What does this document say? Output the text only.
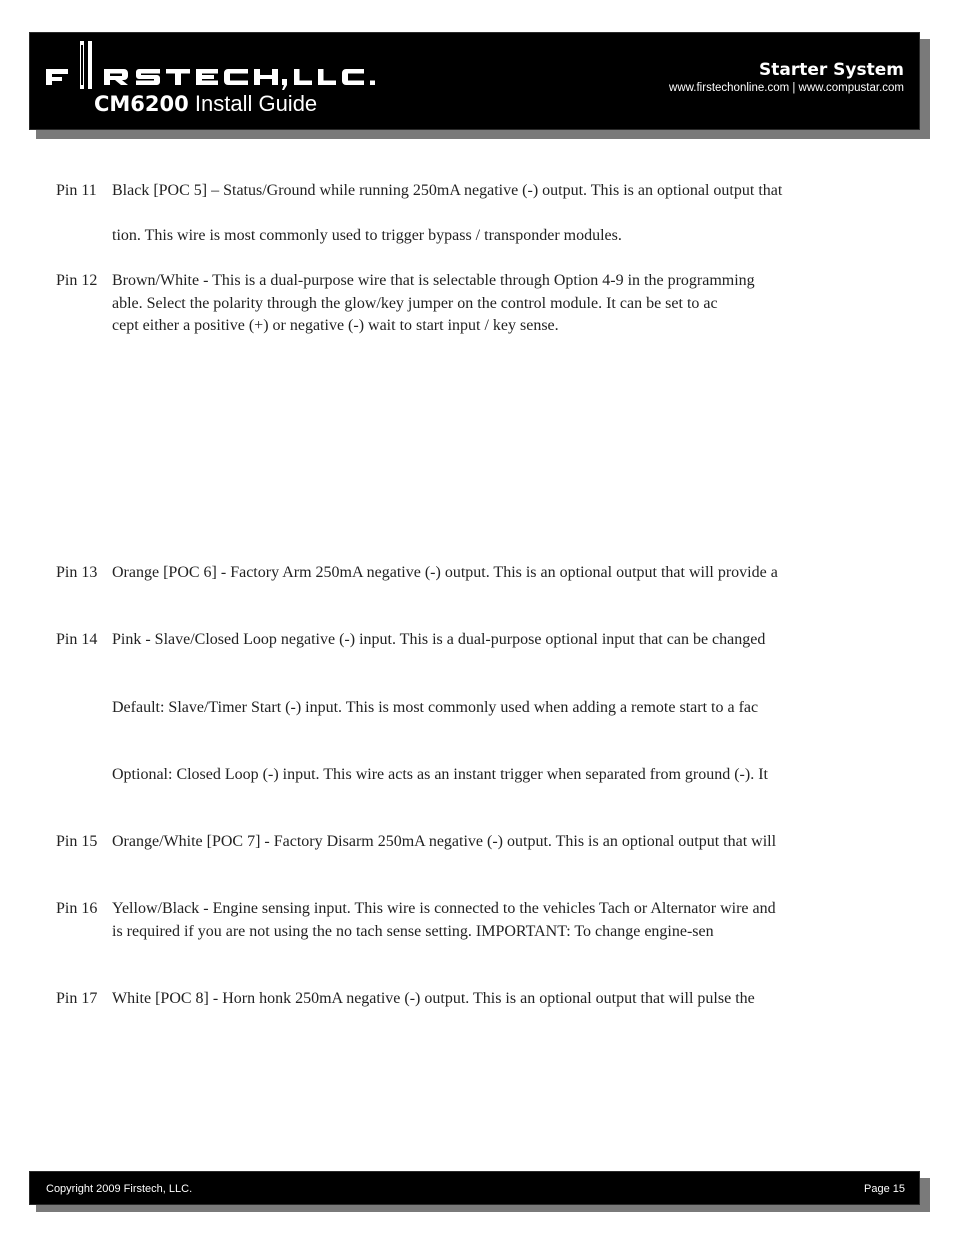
CM6200 Install Guide
Starter System
www.firstechonline.com | www.compustar.com
Pin 11 Black [POC 5] – Status/Ground while running 250mA negative (-) output. This is an optional output that
tion. This wire is most commonly used to trigger bypass / transponder modules.
Pin 12 Brown/White - This is a dual-purpose wire that is selectable through Option 4-9 in the programming
able. Select the polarity through the glow/key jumper on the control module. It can be set to ac
cept either a positive (+) or negative (-) wait to start input / key sense.
Pin 13 Orange [POC 6] - Factory Arm 250mA negative (-) output. This is an optional output that will provide a
Pin 14 Pink - Slave/Closed Loop negative (-) input. This is a dual-purpose optional input that can be changed
Default: Slave/Timer Start (-) input. This is most commonly used when adding a remote start to a fac
Optional: Closed Loop (-) input. This wire acts as an instant trigger when separated from ground (-). It
Pin 15 Orange/White [POC 7] - Factory Disarm 250mA negative (-) output. This is an optional output that will
Pin 16 Yellow/Black - Engine sensing input. This wire is connected to the vehicles Tach or Alternator wire and
is required if you are not using the no tach sense setting. IMPORTANT: To change engine-sen
Pin 17 White [POC 8] - Horn honk 250mA negative (-) output. This is an optional output that will pulse the
Copyright 2009 Firstech, LLC.	Page 15
